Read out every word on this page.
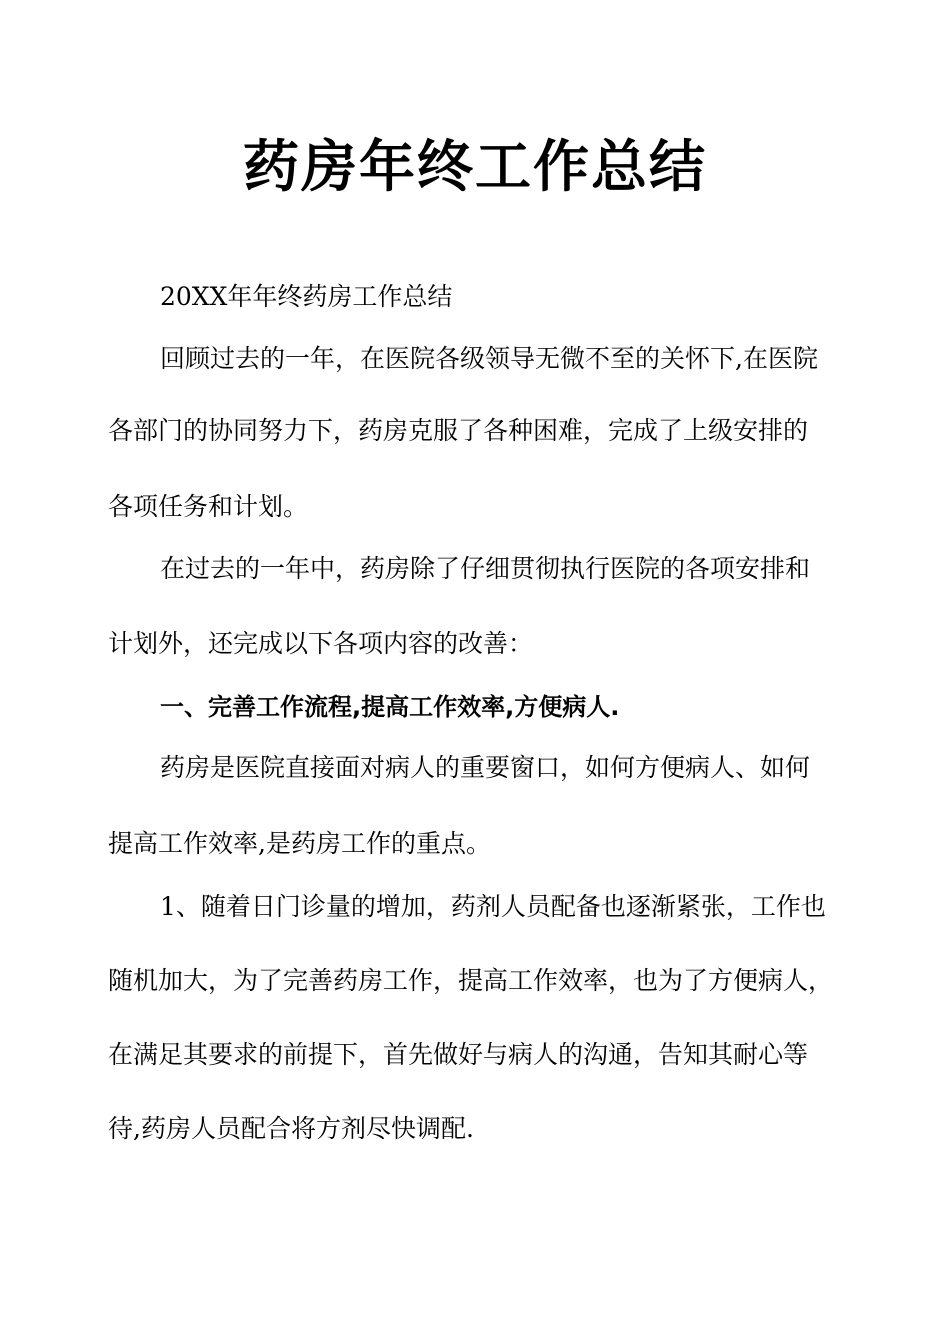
药房年终工作总结

20XX年年终药房工作总结

回顾过去的一年，在医院各级领导无微不至的关怀下,在医院

各部门的协同努力下，药房克服了各种困难，完成了上级安排的

各项任务和计划。

在过去的一年中，药房除了仔细贯彻执行医院的各项安排和

计划外，还完成以下各项内容的改善：

一、完善工作流程,提高工作效率,方便病人.

药房是医院直接面对病人的重要窗口，如何方便病人、如何

提高工作效率,是药房工作的重点。

1、随着日门诊量的增加，药剂人员配备也逐渐紧张，工作也

随机加大，为了完善药房工作，提高工作效率，也为了方便病人，

在满足其要求的前提下，首先做好与病人的沟通，告知其耐心等

待,药房人员配合将方剂尽快调配.
